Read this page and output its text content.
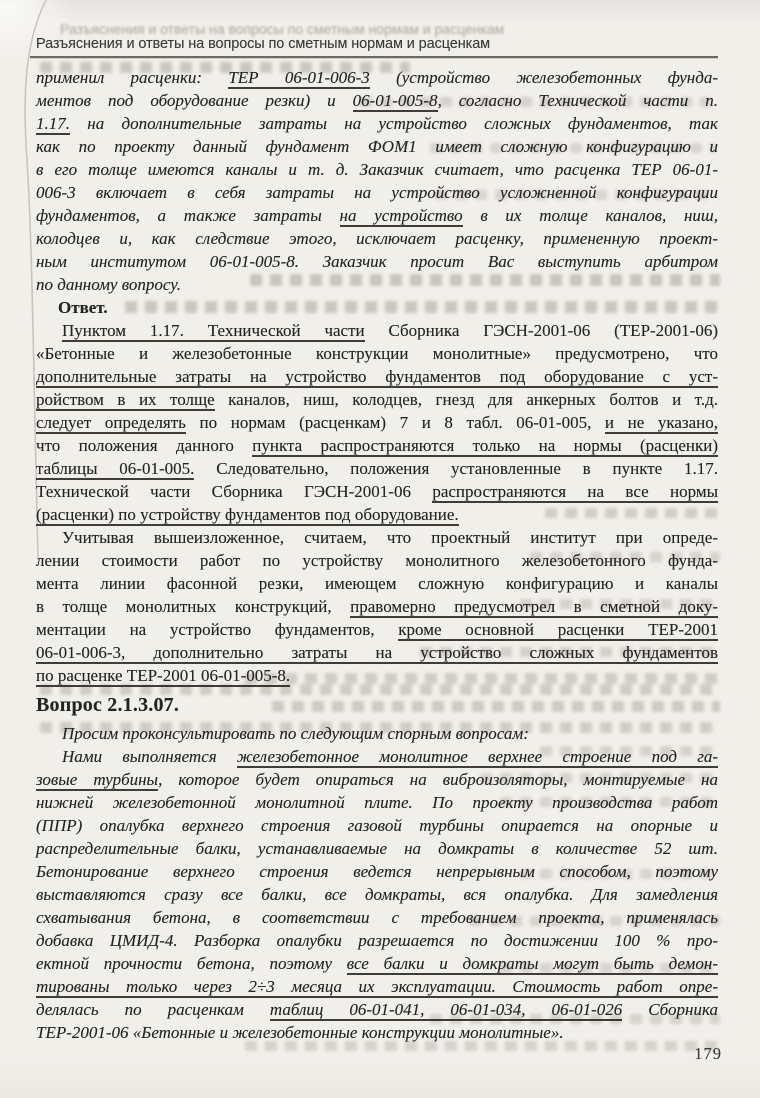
Разъяснения и ответы на вопросы по сметным нормам и расценкам
Разъяснения и ответы на вопросы по сметным нормам и расценкам
применил расценки: ТЕР 06-01-006-3 (устройство железобетонных фунда-
ментов под оборудование резки) и 06-01-005-8, согласно Технической части п.
1.17. на дополнительные затраты на устройство сложных фундаментов, так
как по проекту данный фундамент ФОМ1 имеет сложную конфигурацию и
в его толще имеются каналы и т. д. Заказчик считает, что расценка ТЕР 06-01-
006-3 включает в себя затраты на устройство усложненной конфигурации
фундаментов, а также затраты на устройство в их толще каналов, ниш,
колодцев и, как следствие этого, исключает расценку, примененную проект-
ным институтом 06-01-005-8. Заказчик просит Вас выступить арбитром
по данному вопросу.
Ответ.
Пунктом 1.17. Технической части Сборника ГЭСН-2001-06 (ТЕР-2001-06)
«Бетонные и железобетонные конструкции монолитные» предусмотрено, что
дополнительные затраты на устройство фундаментов под оборудование с уст-
ройством в их толще каналов, ниш, колодцев, гнезд для анкерных болтов и т.д.
следует определять по нормам (расценкам) 7 и 8 табл. 06-01-005, и не указано,
что положения данного пункта распространяются только на нормы (расценки)
таблицы 06-01-005. Следовательно, положения установленные в пункте 1.17.
Технической части Сборника ГЭСН-2001-06 распространяются на все нормы
(расценки) по устройству фундаментов под оборудование.
Учитывая вышеизложенное, считаем, что проектный институт при опреде-
лении стоимости работ по устройству монолитного железобетонного фунда-
мента линии фасонной резки, имеющем сложную конфигурацию и каналы
в толще монолитных конструкций, правомерно предусмотрел в сметной доку-
ментации на устройство фундаментов, кроме основной расценки ТЕР-2001
06-01-006-3, дополнительно затраты на устройство сложных фундаментов
по расценке ТЕР-2001 06-01-005-8.
Вопрос 2.1.3.07.
Просим проконсультировать по следующим спорным вопросам:
Нами выполняется железобетонное монолитное верхнее строение под га-
зовые турбины, которое будет опираться на виброизоляторы, монтируемые на
нижней железобетонной монолитной плите. По проекту производства работ
(ППР) опалубка верхнего строения газовой турбины опирается на опорные и
распределительные балки, устанавливаемые на домкраты в количестве 52 шт.
Бетонирование верхнего строения ведется непрерывным способом, поэтому
выставляются сразу все балки, все домкраты, вся опалубка. Для замедления
схватывания бетона, в соответствии с требованием проекта, применялась
добавка ЦМИД-4. Разборка опалубки разрешается по достижении 100 % про-
ектной прочности бетона, поэтому все балки и домкраты могут быть демон-
тированы только через 2÷3 месяца их эксплуатации. Стоимость работ опре-
делялась по расценкам таблиц 06-01-041, 06-01-034, 06-01-026 Сборника
ТЕР-2001-06 «Бетонные и железобетонные конструкции монолитные».
179
